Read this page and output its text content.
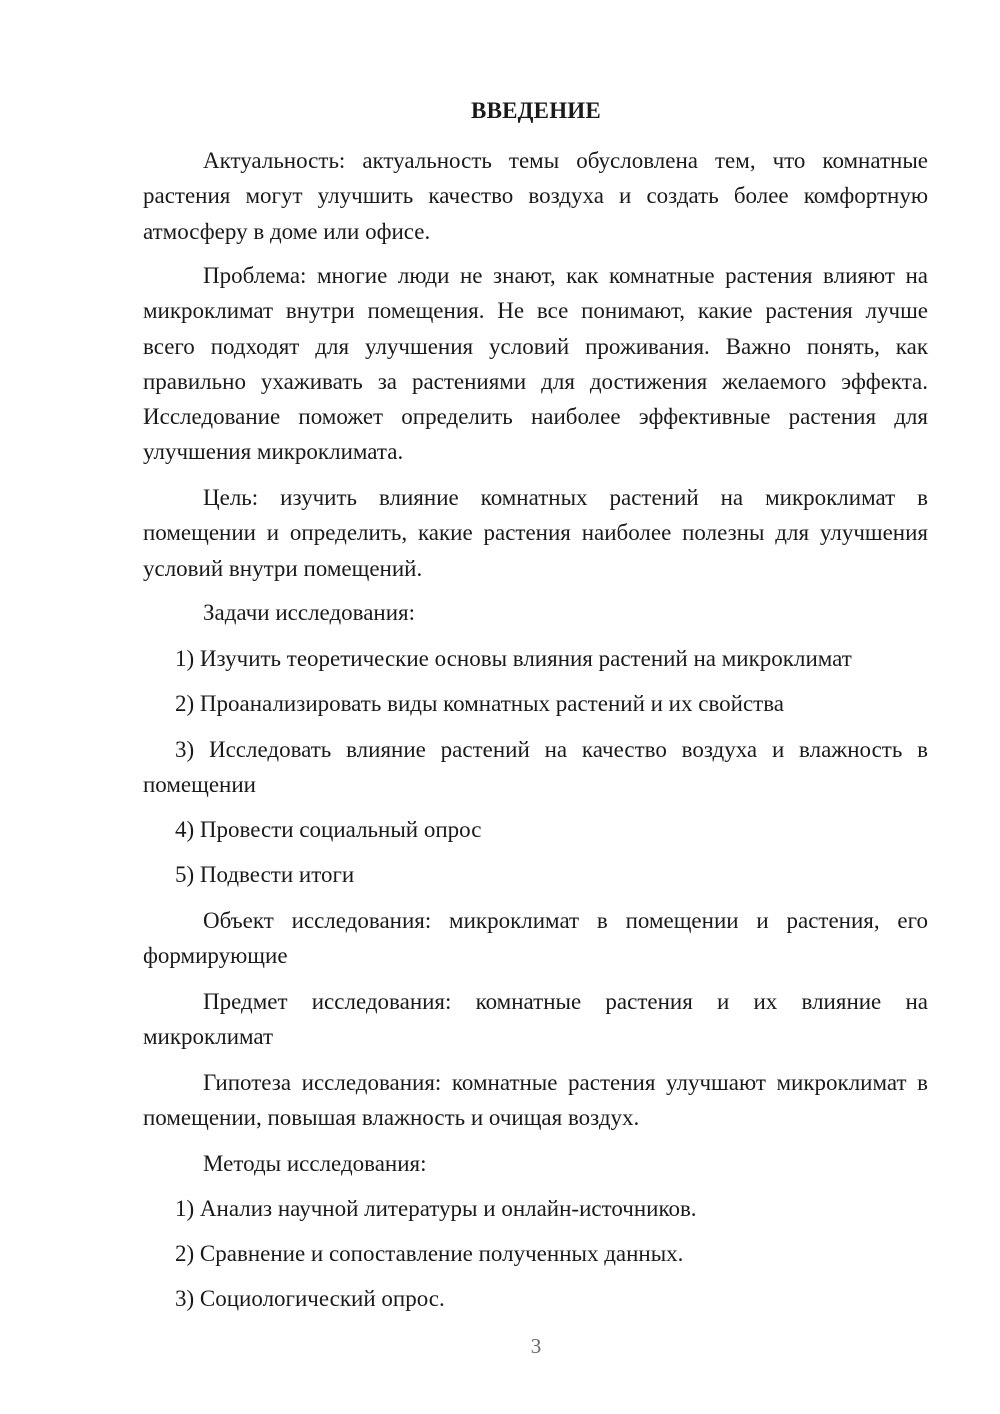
ВВЕДЕНИЕ
Актуальность: актуальность темы обусловлена тем, что комнатные растения могут улучшить качество воздуха и создать более комфортную атмосферу в доме или офисе.
Проблема: многие люди не знают, как комнатные растения влияют на микроклимат внутри помещения. Не все понимают, какие растения лучше всего подходят для улучшения условий проживания. Важно понять, как правильно ухаживать за растениями для достижения желаемого эффекта. Исследование поможет определить наиболее эффективные растения для улучшения микроклимата.
Цель: изучить влияние комнатных растений на микроклимат в помещении и определить, какие растения наиболее полезны для улучшения условий внутри помещений.
Задачи исследования:
1) Изучить теоретические основы влияния растений на микроклимат
2) Проанализировать виды комнатных растений и их свойства
3) Исследовать влияние растений на качество воздуха и влажность в помещении
4) Провести социальный опрос
5) Подвести итоги
Объект исследования: микроклимат в помещении и растения, его формирующие
Предмет исследования: комнатные растения и их влияние на микроклимат
Гипотеза исследования: комнатные растения улучшают микроклимат в помещении, повышая влажность и очищая воздух.
Методы исследования:
1) Анализ научной литературы и онлайн-источников.
2) Сравнение и сопоставление полученных данных.
3) Социологический опрос.
3
